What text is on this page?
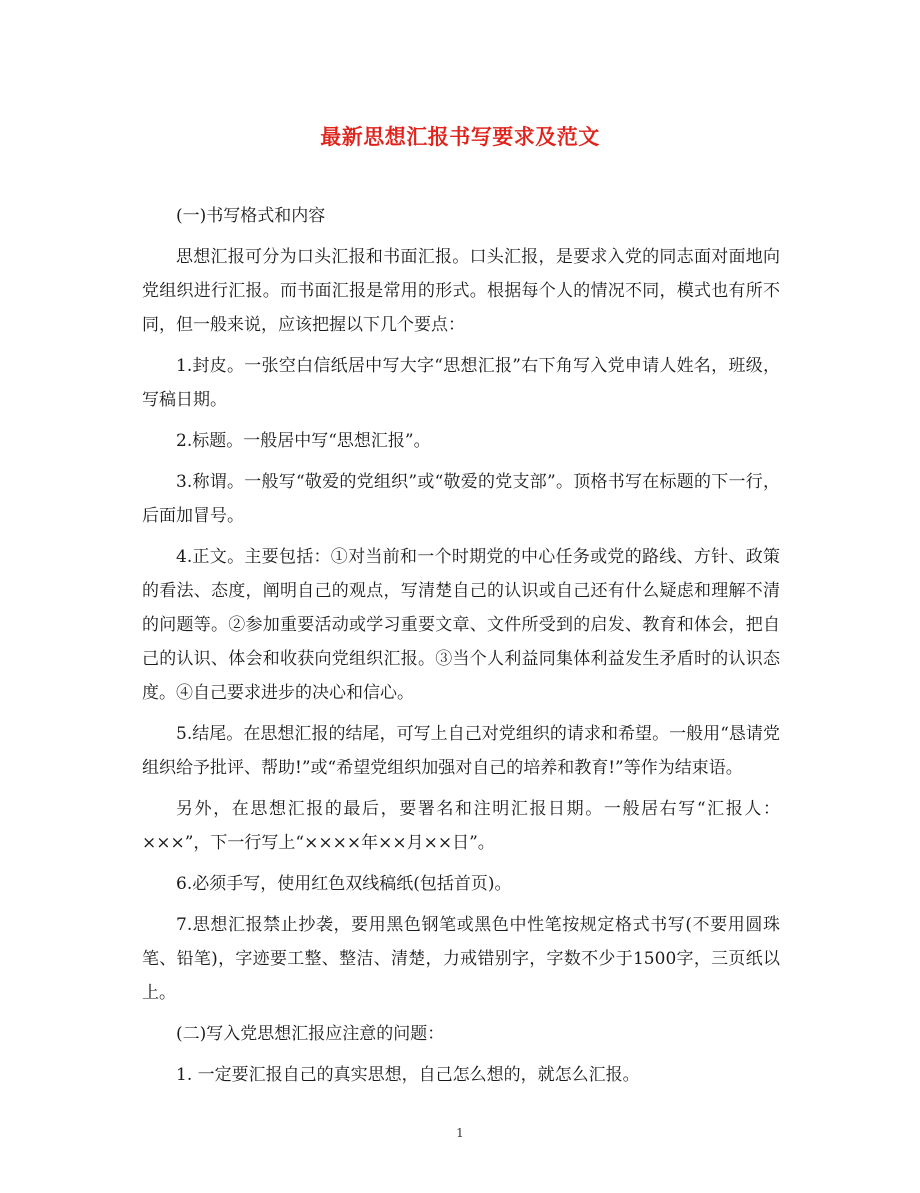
最新思想汇报书写要求及范文

(一)书写格式和内容

思想汇报可分为口头汇报和书面汇报。口头汇报，是要求入党的同志面对面地向党组织进行汇报。而书面汇报是常用的形式。根据每个人的情况不同，模式也有所不同，但一般来说，应该把握以下几个要点：

1.封皮。一张空白信纸居中写大字“思想汇报”右下角写入党申请人姓名，班级，写稿日期。

2.标题。一般居中写“思想汇报”。

3.称谓。一般写“敬爱的党组织”或“敬爱的党支部”。顶格书写在标题的下一行，后面加冒号。

4.正文。主要包括：①对当前和一个时期党的中心任务或党的路线、方针、政策的看法、态度，阐明自己的观点，写清楚自己的认识或自己还有什么疑虑和理解不清的问题等。②参加重要活动或学习重要文章、文件所受到的启发、教育和体会，把自己的认识、体会和收获向党组织汇报。③当个人利益同集体利益发生矛盾时的认识态度。④自己要求进步的决心和信心。

5.结尾。在思想汇报的结尾，可写上自己对党组织的请求和希望。一般用“恳请党组织给予批评、帮助!”或“希望党组织加强对自己的培养和教育!”等作为结束语。

另外，在思想汇报的最后，要署名和注明汇报日期。一般居右写“汇报人：×××”，下一行写上“××××年××月××日”。

6.必须手写，使用红色双线稿纸(包括首页)。

7.思想汇报禁止抄袭，要用黑色钢笔或黑色中性笔按规定格式书写(不要用圆珠笔、铅笔)，字迹要工整、整洁、清楚，力戒错别字，字数不少于1500字，三页纸以上。

(二)写入党思想汇报应注意的问题：

1. 一定要汇报自己的真实思想，自己怎么想的，就怎么汇报。

1
